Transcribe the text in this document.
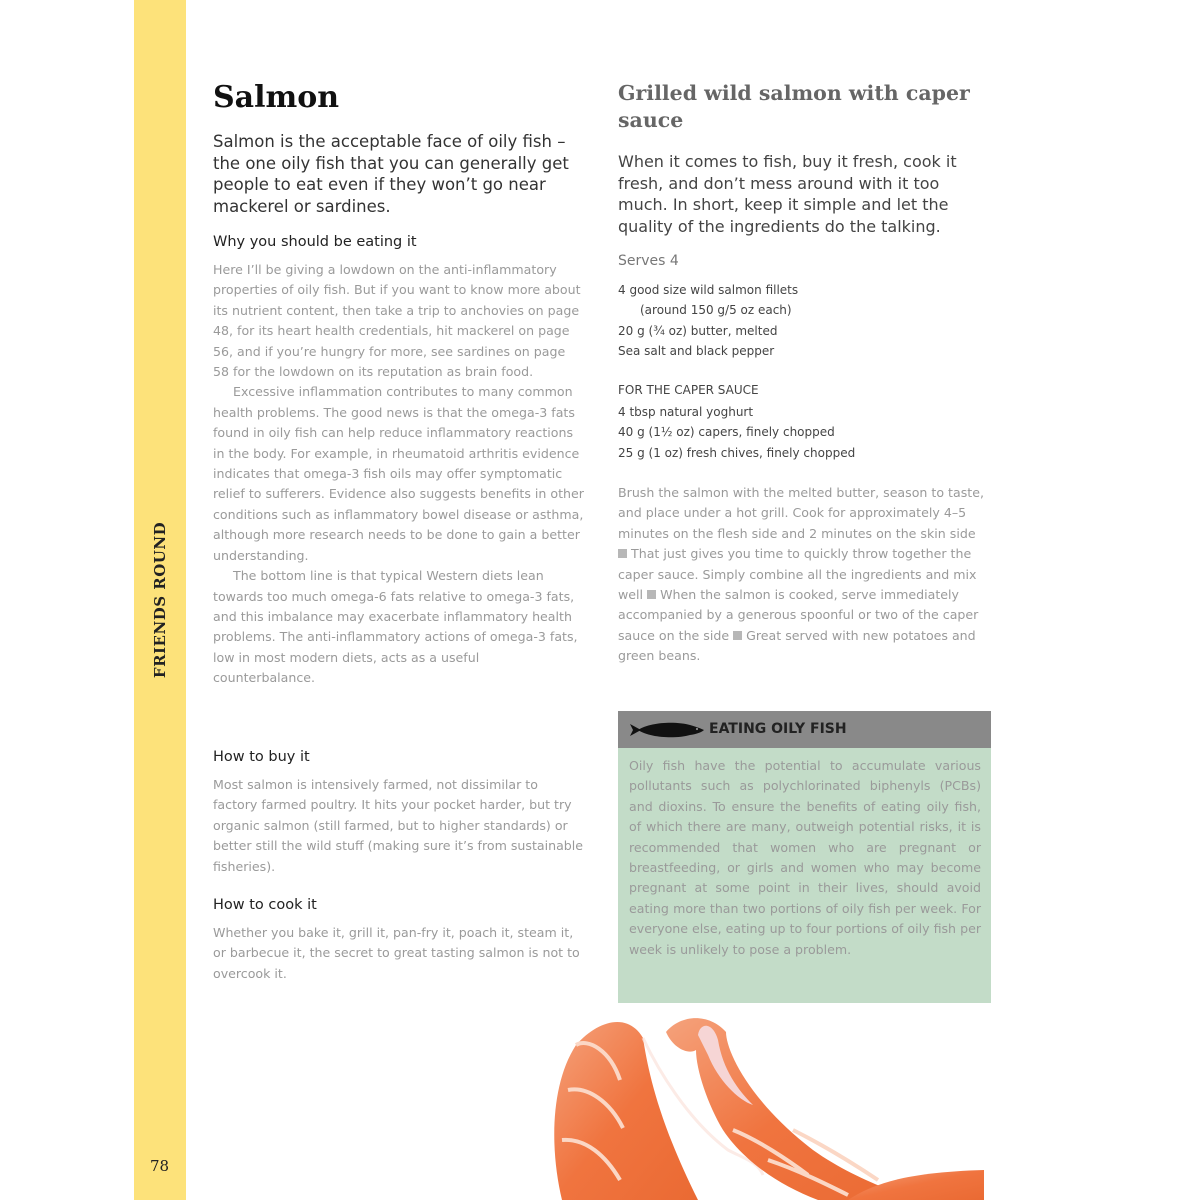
FRIENDS ROUND
78
Salmon

Salmon is the acceptable face of oily fish – the one oily fish that you can generally get people to eat even if they won’t go near mackerel or sardines.

Why you should be eating it

Here I’ll be giving a lowdown on the anti-inflammatory properties of oily fish. But if you want to know more about its nutrient content, then take a trip to anchovies on page 48, for its heart health credentials, hit mackerel on page 56, and if you’re hungry for more, see sardines on page 58 for the lowdown on its reputation as brain food.

Excessive inflammation contributes to many common health problems. The good news is that the omega-3 fats found in oily fish can help reduce inflammatory reactions in the body. For example, in rheumatoid arthritis evidence indicates that omega-3 fish oils may offer symptomatic relief to sufferers. Evidence also suggests benefits in other conditions such as inflammatory bowel disease or asthma, although more research needs to be done to gain a better understanding.

The bottom line is that typical Western diets lean towards too much omega-6 fats relative to omega-3 fats, and this imbalance may exacerbate inflammatory health problems. The anti-inflammatory actions of omega-3 fats, low in most modern diets, acts as a useful counterbalance.

How to buy it

Most salmon is intensively farmed, not dissimilar to factory farmed poultry. It hits your pocket harder, but try organic salmon (still farmed, but to higher standards) or better still the wild stuff (making sure it’s from sustainable fisheries).

How to cook it

Whether you bake it, grill it, pan-fry it, poach it, steam it, or barbecue it, the secret to great tasting salmon is not to overcook it.

Grilled wild salmon with caper sauce

When it comes to fish, buy it fresh, cook it fresh, and don’t mess around with it too much. In short, keep it simple and let the quality of the ingredients do the talking.

Serves 4

4 good size wild salmon fillets
(around 150 g/5 oz each)
20 g (¾ oz) butter, melted
Sea salt and black pepper

FOR THE CAPER SAUCE

4 tbsp natural yoghurt
40 g (1½ oz) capers, finely chopped
25 g (1 oz) fresh chives, finely chopped

Brush the salmon with the melted butter, season to taste, and place under a hot grill. Cook for approximately 4–5 minutes on the flesh side and 2 minutes on the skin side  That just gives you time to quickly throw together the caper sauce. Simply combine all the ingredients and mix well When the salmon is cooked, serve immediately accompanied by a generous spoonful or two of the caper sauce on the side Great served with new potatoes and green beans.

EATING OILY FISH

Oily fish have the potential to accumulate various pollutants such as polychlorinated biphenyls (PCBs) and dioxins. To ensure the benefits of eating oily fish, of which there are many, outweigh potential risks, it is recommended that women who are pregnant or breastfeeding, or girls and women who may become pregnant at some point in their lives, should avoid eating more than two portions of oily fish per week. For everyone else, eating up to four portions of oily fish per week is unlikely to pose a problem.
